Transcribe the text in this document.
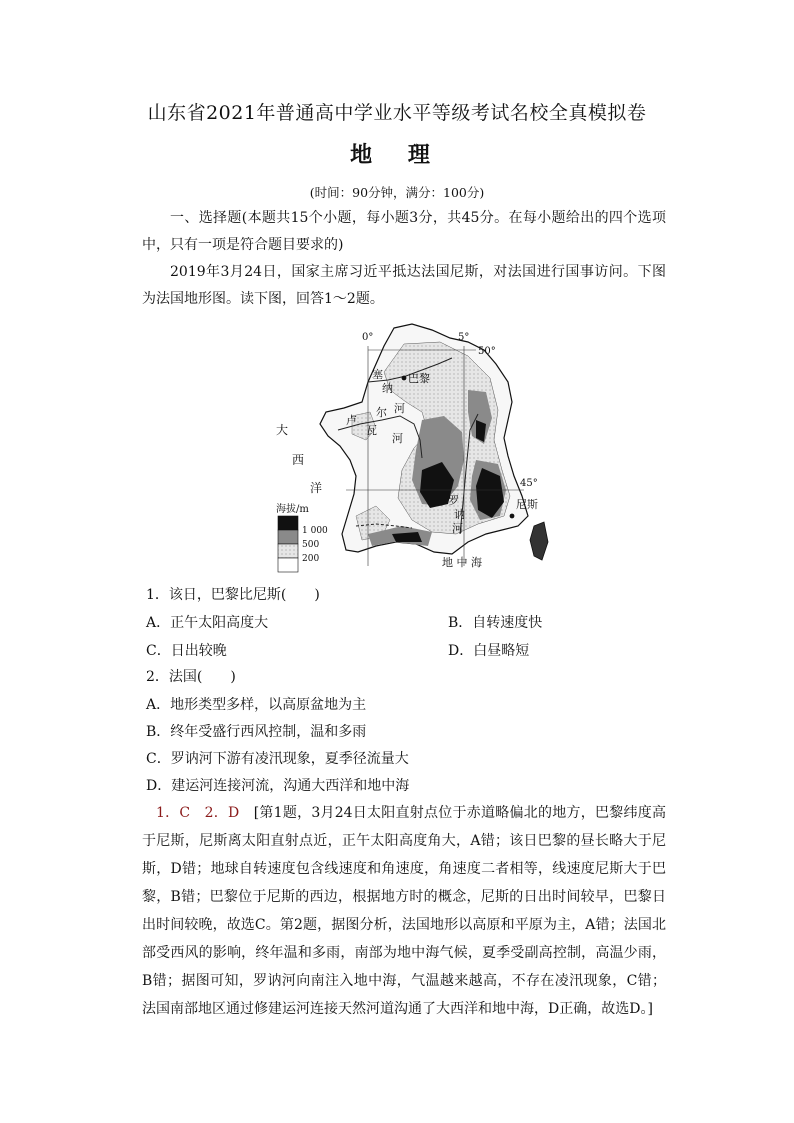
山东省2021年普通高中学业水平等级考试名校全真模拟卷
地 理
(时间：90分钟，满分：100分)
一、选择题(本题共15个小题，每小题3分，共45分。在每小题给出的四个选项中，只有一项是符合题目要求的)
2019年3月24日，国家主席习近平抵达法国尼斯，对法国进行国事访问。下图为法国地形图。读下图，回答1～2题。
0°	5°
50°
45°
塞
纳
河
巴黎
卢
瓦
尔
河
大
西
洋
罗
讷
河
尼斯
地 中 海
海拔/m
1 000
500
200
1．该日，巴黎比尼斯(　　)
A．正午太阳高度大	B．自转速度快
C．日出较晚	D．白昼略短
2．法国(　　)
A．地形类型多样，以高原盆地为主
B．终年受盛行西风控制，温和多雨
C．罗讷河下游有凌汛现象，夏季径流量大
D．建运河连接河流，沟通大西洋和地中海
1．C　2．D　[第1题，3月24日太阳直射点位于赤道略偏北的地方，巴黎纬度高于尼斯，尼斯离太阳直射点近，正午太阳高度角大，A错；该日巴黎的昼长略大于尼斯，D错；地球自转速度包含线速度和角速度，角速度二者相等，线速度尼斯大于巴黎，B错；巴黎位于尼斯的西边，根据地方时的概念，尼斯的日出时间较早，巴黎日出时间较晚，故选C。第2题，据图分析，法国地形以高原和平原为主，A错；法国北部受西风的影响，终年温和多雨，南部为地中海气候，夏季受副高控制，高温少雨，B错；据图可知，罗讷河向南注入地中海，气温越来越高，不存在凌汛现象，C错；法国南部地区通过修建运河连接天然河道沟通了大西洋和地中海，D正确，故选D。]
